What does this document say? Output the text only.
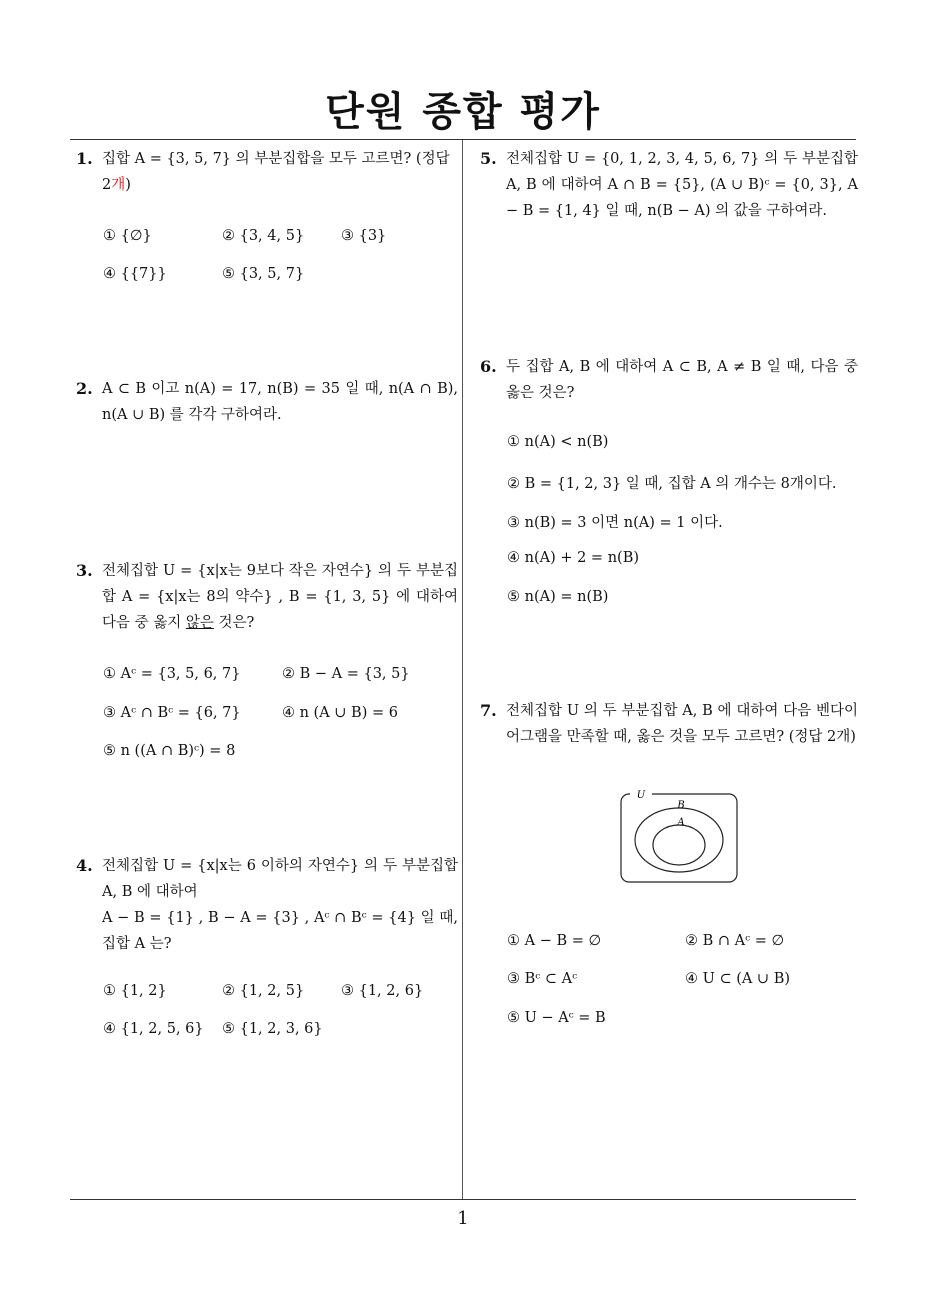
단원 종합 평가
1
1. 집합 A = {3, 5, 7} 의 부분집합을 모두 고르면? (정답 2개)
① {∅}	② {3, 4, 5}	③ {3}
④ {{7}}	⑤ {3, 5, 7}
2. A ⊂ B 이고 n(A) = 17, n(B) = 35 일 때, n(A ∩ B), n(A ∪ B) 를 각각 구하여라.
3. 전체집합 U = {x|x는 9보다 작은 자연수} 의 두 부분집합 A = {x|x는 8의 약수} , B = {1, 3, 5} 에 대하여 다음 중 옳지 않은 것은?
① Aᶜ = {3, 5, 6, 7}	② B − A = {3, 5}
③ Aᶜ ∩ Bᶜ = {6, 7}	④ n (A ∪ B) = 6
⑤ n ((A ∩ B)ᶜ) = 8
4. 전체집합 U = {x|x는 6 이하의 자연수} 의 두 부분집합 A, B 에 대하여
A − B = {1} , B − A = {3} , Aᶜ ∩ Bᶜ = {4} 일 때, 집합 A 는?
① {1, 2}	② {1, 2, 5}	③ {1, 2, 6}
④ {1, 2, 5, 6} ⑤ {1, 2, 3, 6}
5. 전체집합 U = {0, 1, 2, 3, 4, 5, 6, 7} 의 두 부분집합 A, B 에 대하여 A ∩ B = {5}, (A ∪ B)ᶜ = {0, 3}, A − B = {1, 4} 일 때, n(B − A) 의 값을 구하여라.
6. 두 집합 A, B 에 대하여 A ⊂ B, A ≠ B 일 때, 다음 중 옳은 것은?
① n(A) < n(B)
② B = {1, 2, 3} 일 때, 집합 A 의 개수는 8개이다.
③ n(B) = 3 이면 n(A) = 1 이다.
④ n(A) + 2 = n(B)
⑤ n(A) = n(B)
7. 전체집합 U 의 두 부분집합 A, B 에 대하여 다음 벤다이어그램을 만족할 때, 옳은 것을 모두 고르면? (정답 2개)
U
B
A
① A − B = ∅	② B ∩ Aᶜ = ∅
③ Bᶜ ⊂ Aᶜ	④ U ⊂ (A ∪ B)
⑤ U − Aᶜ = B
